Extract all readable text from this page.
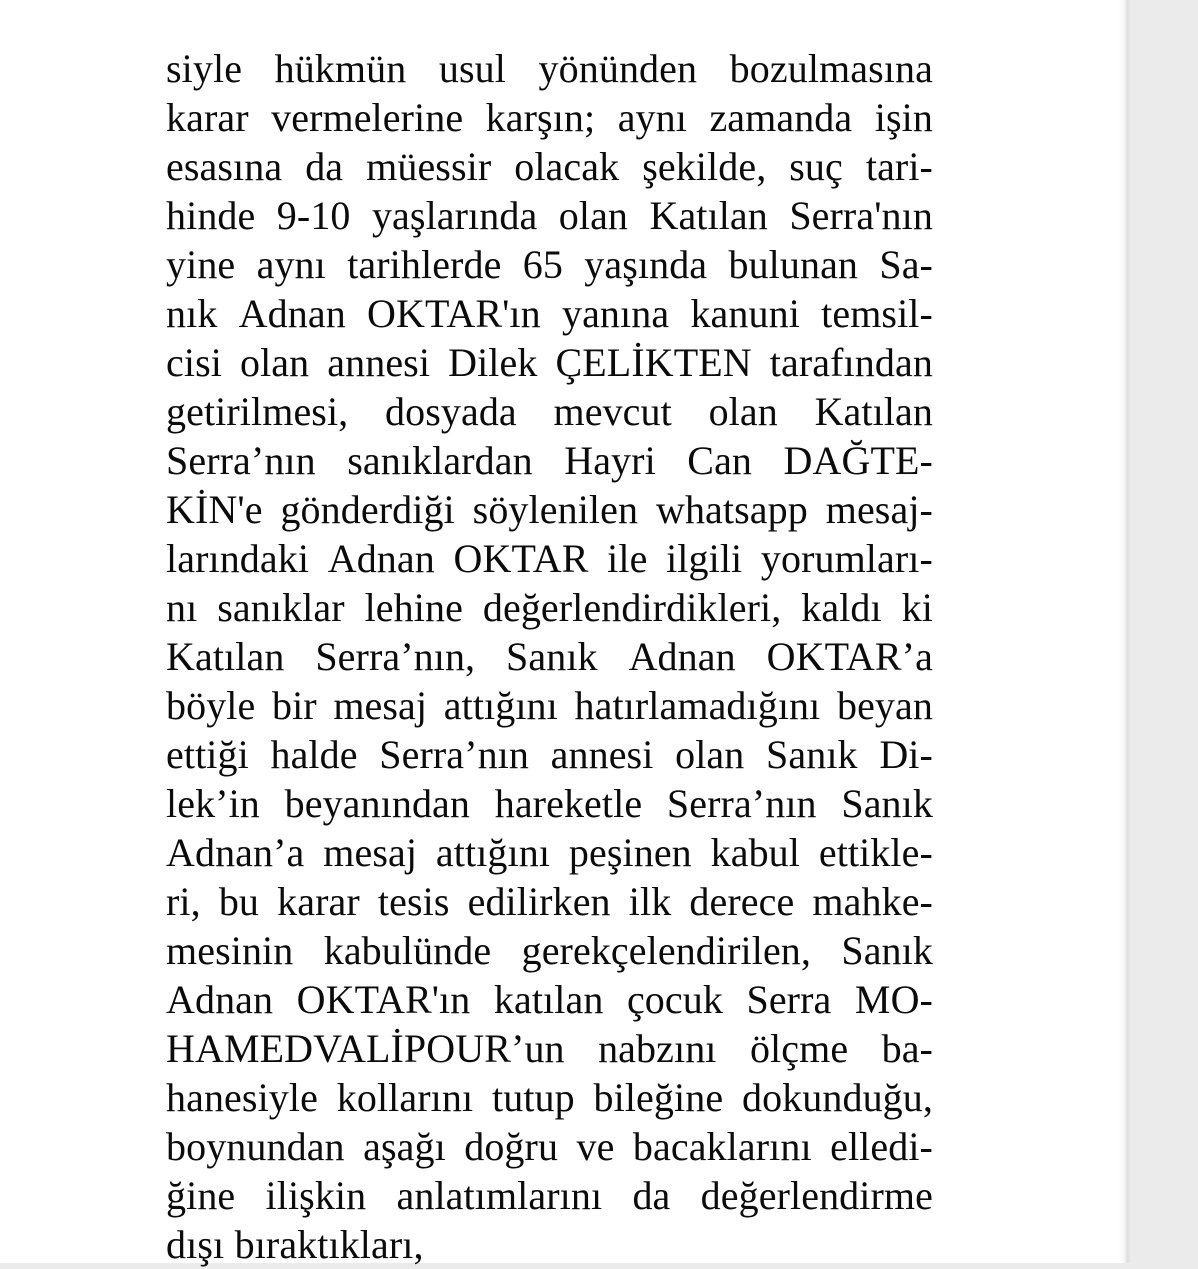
siyle hükmün usul yönünden bozulmasına
karar vermelerine karşın; aynı zamanda işin
esasına da müessir olacak şekilde, suç tari-
hinde 9-10 yaşlarında olan Katılan Serra'nın
yine aynı tarihlerde 65 yaşında bulunan Sa-
nık Adnan OKTAR'ın yanına kanuni temsil-
cisi olan annesi Dilek ÇELİKTEN tarafından
getirilmesi, dosyada mevcut olan Katılan
Serra’nın sanıklardan Hayri Can DAĞTE-
KİN'e gönderdiği söylenilen whatsapp mesaj-
larındaki Adnan OKTAR ile ilgili yorumları-
nı sanıklar lehine değerlendirdikleri, kaldı ki
Katılan Serra’nın, Sanık Adnan OKTAR’a
böyle bir mesaj attığını hatırlamadığını beyan
ettiği halde Serra’nın annesi olan Sanık Di-
lek’in beyanından hareketle Serra’nın Sanık
Adnan’a mesaj attığını peşinen kabul ettikle-
ri, bu karar tesis edilirken ilk derece mahke-
mesinin kabulünde gerekçelendirilen, Sanık
Adnan OKTAR'ın katılan çocuk Serra MO-
HAMEDVALİPOUR’un nabzını ölçme ba-
hanesiyle kollarını tutup bileğine dokunduğu,
boynundan aşağı doğru ve bacaklarını elledi-
ğine ilişkin anlatımlarını da değerlendirme
dışı bıraktıkları,
